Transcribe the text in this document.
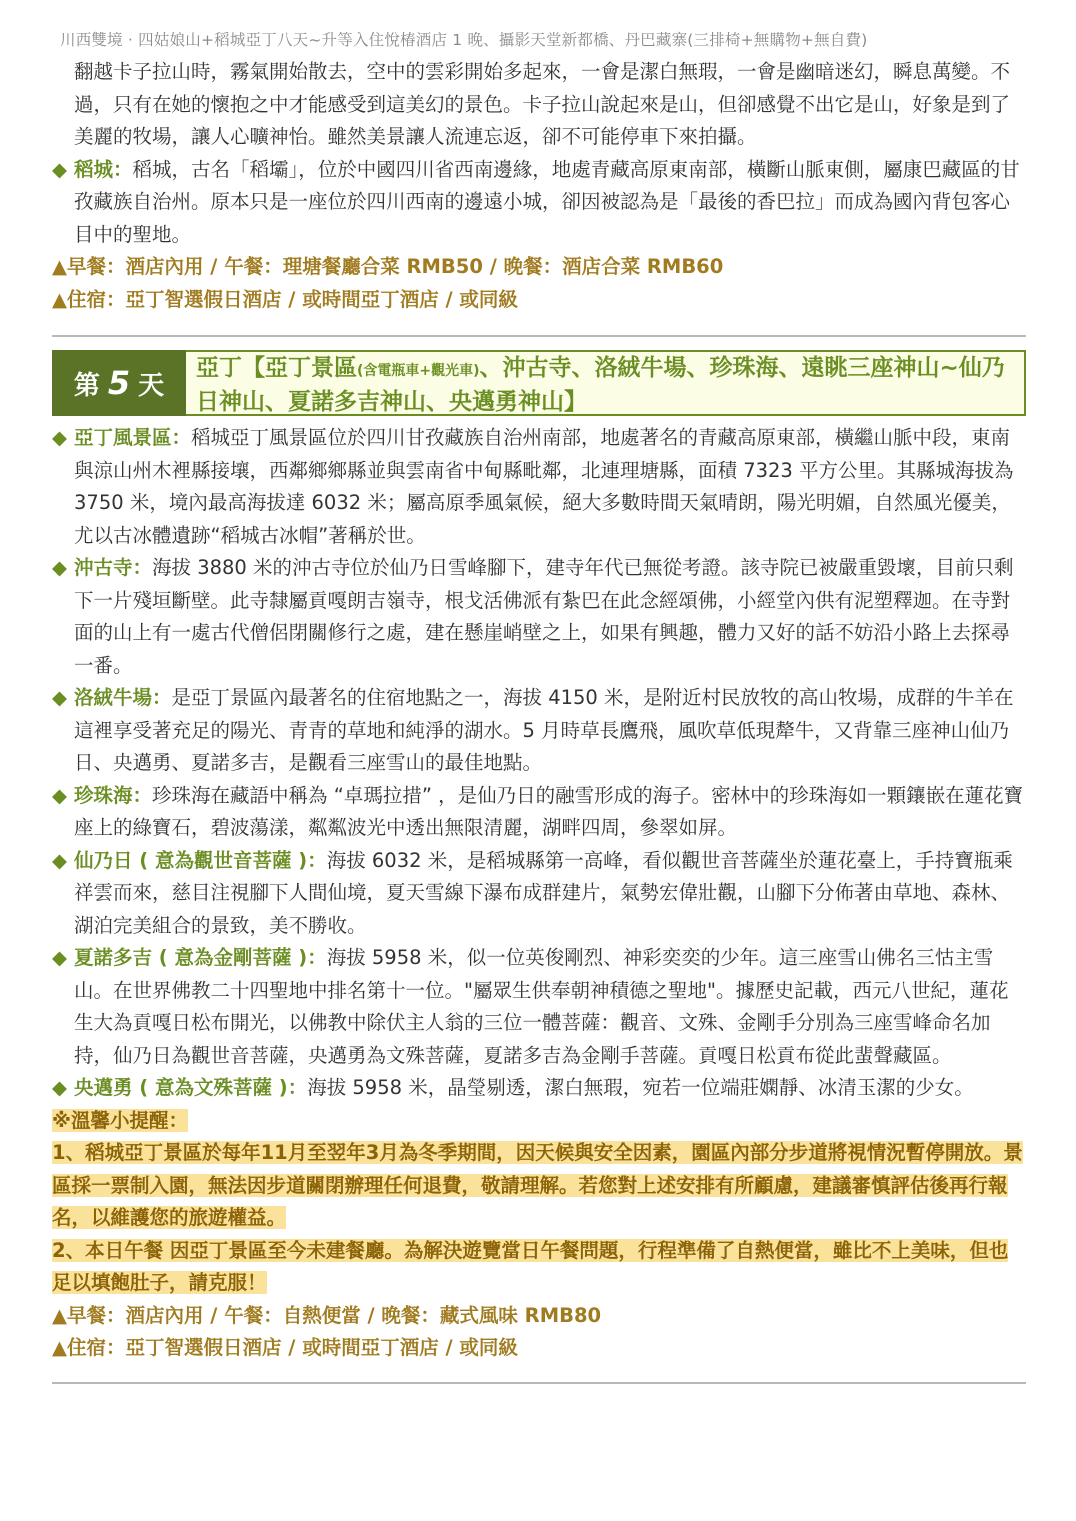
川西雙境 · 四姑娘山+稻城亞丁八天~升等入住悅椿酒店 1 晚、攝影天堂新都橋、丹巴藏寨(三排椅+無購物+無自費)

翻越卡子拉山時，霧氣開始散去，空中的雲彩開始多起來，一會是潔白無瑕，一會是幽暗迷幻，瞬息萬變。不過，只有在她的懷抱之中才能感受到這美幻的景色。卡子拉山說起來是山，但卻感覺不出它是山，好象是到了美麗的牧場，讓人心曠神怡。雖然美景讓人流連忘返，卻不可能停車下來拍攝。

◆ 稻城：稻城，古名「稻壩」，位於中國四川省西南邊緣，地處青藏高原東南部，橫斷山脈東側，屬康巴藏區的甘孜藏族自治州。原本只是一座位於四川西南的邊遠小城，卻因被認為是「最後的香巴拉」而成為國內背包客心目中的聖地。

▲早餐：酒店內用 / 午餐：理塘餐廳合菜 RMB50 / 晚餐：酒店合菜 RMB60

▲住宿：亞丁智選假日酒店 / 或時間亞丁酒店 / 或同級

第 5 天
亞丁【亞丁景區(含電瓶車+觀光車)、沖古寺、洛絨牛場、珍珠海、遠眺三座神山~仙乃日神山、夏諾多吉神山、央邁勇神山】

◆ 亞丁風景區：稻城亞丁風景區位於四川甘孜藏族自治州南部，地處著名的青藏高原東部，橫繼山脈中段，東南與涼山州木裡縣接壤，西鄰鄉鄉縣並與雲南省中甸縣毗鄰，北連理塘縣，面積 7323 平方公里。其縣城海拔為 3750 米，境內最高海拔達 6032 米；屬高原季風氣候，絕大多數時間天氣晴朗，陽光明媚，自然風光優美，尤以古冰體遺跡“稻城古冰帽”著稱於世。

◆ 沖古寺：海拔 3880 米的沖古寺位於仙乃日雪峰腳下，建寺年代已無從考證。該寺院已被嚴重毀壞，目前只剩下一片殘垣斷壁。此寺隸屬貢嘎朗吉嶺寺，根戈活佛派有紮巴在此念經頌佛，小經堂內供有泥塑釋迦。在寺對面的山上有一處古代僧侶閉關修行之處，建在懸崖峭壁之上，如果有興趣，體力又好的話不妨沿小路上去探尋一番。

◆ 洛絨牛場：是亞丁景區內最著名的住宿地點之一，海拔 4150 米，是附近村民放牧的高山牧場，成群的牛羊在這裡享受著充足的陽光、青青的草地和純淨的湖水。5 月時草長鷹飛，風吹草低現犛牛，又背靠三座神山仙乃日、央邁勇、夏諾多吉，是觀看三座雪山的最佳地點。

◆ 珍珠海：珍珠海在藏語中稱為 “卓瑪拉措” ，是仙乃日的融雪形成的海子。密林中的珍珠海如一顆鑲嵌在蓮花寶座上的綠寶石，碧波蕩漾，粼粼波光中透出無限清麗，湖畔四周，參翠如屏。

◆ 仙乃日 ( 意為觀世音菩薩 )：海拔 6032 米，是稻城縣第一高峰，看似觀世音菩薩坐於蓮花臺上，手持寶瓶乘祥雲而來，慈目注視腳下人間仙境，夏天雪線下瀑布成群建片，氣勢宏偉壯觀，山腳下分佈著由草地、森林、湖泊完美組合的景致，美不勝收。

◆ 夏諾多吉 ( 意為金剛菩薩 )：海拔 5958 米，似一位英俊剛烈、神彩奕奕的少年。這三座雪山佛名三怙主雪山。在世界佛教二十四聖地中排名第十一位。"屬眾生供奉朝神積德之聖地"。據歷史記載，西元八世紀，蓮花生大為貢嘎日松布開光，以佛教中除伏主人翁的三位一體菩薩：觀音、文殊、金剛手分別為三座雪峰命名加持，仙乃日為觀世音菩薩，央邁勇為文殊菩薩，夏諾多吉為金剛手菩薩。貢嘎日松貢布從此蜚聲藏區。

◆ 央邁勇 ( 意為文殊菩薩 )：海拔 5958 米，晶瑩剔透，潔白無瑕，宛若一位端莊嫻靜、冰清玉潔的少女。

※溫馨小提醒：

1、稻城亞丁景區於每年11月至翌年3月為冬季期間，因天候與安全因素，園區內部分步道將視情況暫停開放。景區採一票制入園，無法因步道關閉辦理任何退費，敬請理解。若您對上述安排有所顧慮，建議審慎評估後再行報名，以維護您的旅遊權益。

2、本日午餐 因亞丁景區至今未建餐廳。為解決遊覽當日午餐問題，行程準備了自熱便當，雖比不上美味，但也足以填飽肚子，請克服！

▲早餐：酒店內用 / 午餐：自熱便當 / 晚餐：藏式風味 RMB80

▲住宿：亞丁智選假日酒店 / 或時間亞丁酒店 / 或同級
